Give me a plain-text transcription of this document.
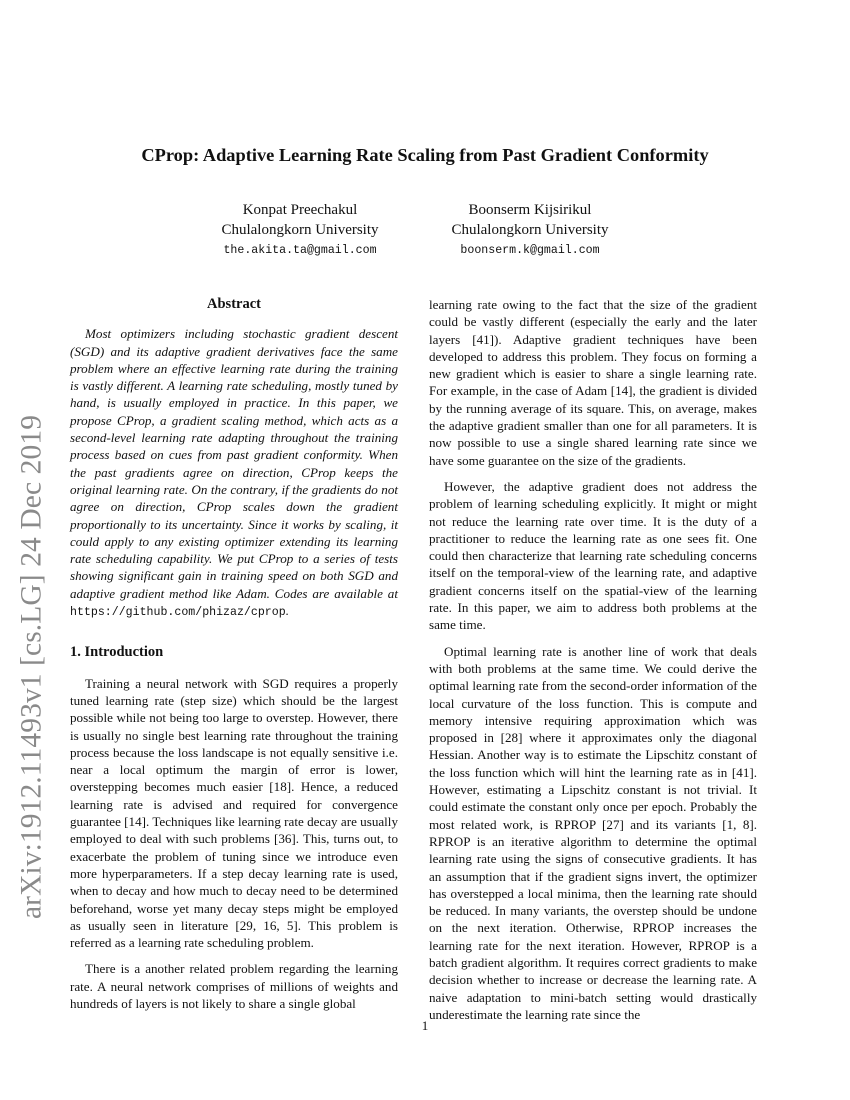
arXiv:1912.11493v1 [cs.LG] 24 Dec 2019
CProp: Adaptive Learning Rate Scaling from Past Gradient Conformity
Konpat Preechakul
Chulalongkorn University
the.akita.ta@gmail.com
Boonserm Kijsirikul
Chulalongkorn University
boonserm.k@gmail.com
Abstract

Most optimizers including stochastic gradient descent (SGD) and its adaptive gradient derivatives face the same problem where an effective learning rate during the training is vastly different. A learning rate scheduling, mostly tuned by hand, is usually employed in practice. In this paper, we propose CProp, a gradient scaling method, which acts as a second-level learning rate adapting throughout the training process based on cues from past gradient conformity. When the past gradients agree on direction, CProp keeps the original learning rate. On the contrary, if the gradients do not agree on direction, CProp scales down the gradient proportionally to its uncertainty. Since it works by scaling, it could apply to any existing optimizer extending its learning rate scheduling capability. We put CProp to a series of tests showing significant gain in training speed on both SGD and adaptive gradient method like Adam. Codes are available at https://github.com/phizaz/cprop.

1. Introduction

Training a neural network with SGD requires a properly tuned learning rate (step size) which should be the largest possible while not being too large to overstep. However, there is usually no single best learning rate throughout the training process because the loss landscape is not equally sensitive i.e. near a local optimum the margin of error is lower, overstepping becomes much easier [18]. Hence, a reduced learning rate is advised and required for convergence guarantee [14]. Techniques like learning rate decay are usually employed to deal with such problems [36]. This, turns out, to exacerbate the problem of tuning since we introduce even more hyperparameters. If a step decay learning rate is used, when to decay and how much to decay need to be determined beforehand, worse yet many decay steps might be employed as usually seen in literature [29, 16, 5]. This problem is referred as a learning rate scheduling problem.

There is a another related problem regarding the learning rate. A neural network comprises of millions of weights and hundreds of layers is not likely to share a single global

learning rate owing to the fact that the size of the gradient could be vastly different (especially the early and the later layers [41]). Adaptive gradient techniques have been developed to address this problem. They focus on forming a new gradient which is easier to share a single learning rate. For example, in the case of Adam [14], the gradient is divided by the running average of its square. This, on average, makes the adaptive gradient smaller than one for all parameters. It is now possible to use a single shared learning rate since we have some guarantee on the size of the gradients.

However, the adaptive gradient does not address the problem of learning scheduling explicitly. It might or might not reduce the learning rate over time. It is the duty of a practitioner to reduce the learning rate as one sees fit. One could then characterize that learning rate scheduling concerns itself on the temporal-view of the learning rate, and adaptive gradient concerns itself on the spatial-view of the learning rate. In this paper, we aim to address both problems at the same time.

Optimal learning rate is another line of work that deals with both problems at the same time. We could derive the optimal learning rate from the second-order information of the local curvature of the loss function. This is compute and memory intensive requiring approximation which was proposed in [28] where it approximates only the diagonal Hessian. Another way is to estimate the Lipschitz constant of the loss function which will hint the learning rate as in [41]. However, estimating a Lipschitz constant is not trivial. It could estimate the constant only once per epoch. Probably the most related work, is RPROP [27] and its variants [1, 8]. RPROP is an iterative algorithm to determine the optimal learning rate using the signs of consecutive gradients. It has an assumption that if the gradient signs invert, the optimizer has overstepped a local minima, then the learning rate should be reduced. In many variants, the overstep should be undone on the next iteration. Otherwise, RPROP increases the learning rate for the next iteration. However, RPROP is a batch gradient algorithm. It requires correct gradients to make decision whether to increase or decrease the learning rate. A naive adaptation to mini-batch setting would drastically underestimate the learning rate since the

1
